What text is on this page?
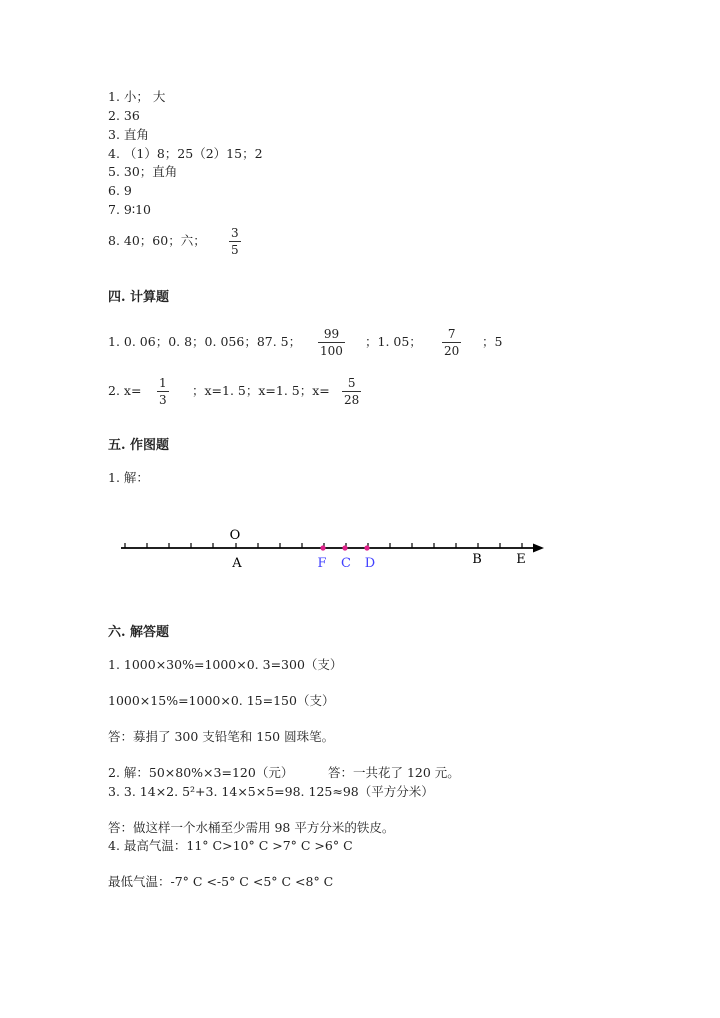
1. 小； 大
2. 36
3. 直角
4. （1）8；25（2）15；2
5. 30；直角
6. 9
7. 9∶10
8. 40；60；六； 3
5
四. 计算题
1. 0. 06；0. 8；0. 056；87. 5；	99
100
；1. 05；	7
20
；5
2. x= 1
3
；x=1. 5；x=1. 5；x=	5
28
五. 作图题
1. 解：
O
A	F C D	B	E
六. 解答题
1. 1000×30%=1000×0. 3=300（支）
1000×15%=1000×0. 15=150（支）
答：募捐了 300 支铅笔和 150 圆珠笔。
2. 解：50×80%×3=120（元）	答：一共花了 120 元。
3. 3. 14×2. 5²+3. 14×5×5=98. 125≈98（平方分米）
答：做这样一个水桶至少需用 98 平方分米的铁皮。
4. 最高气温：11° C>10° C >7° C >6° C
最低气温：-7° C <-5° C <5° C <8° C
